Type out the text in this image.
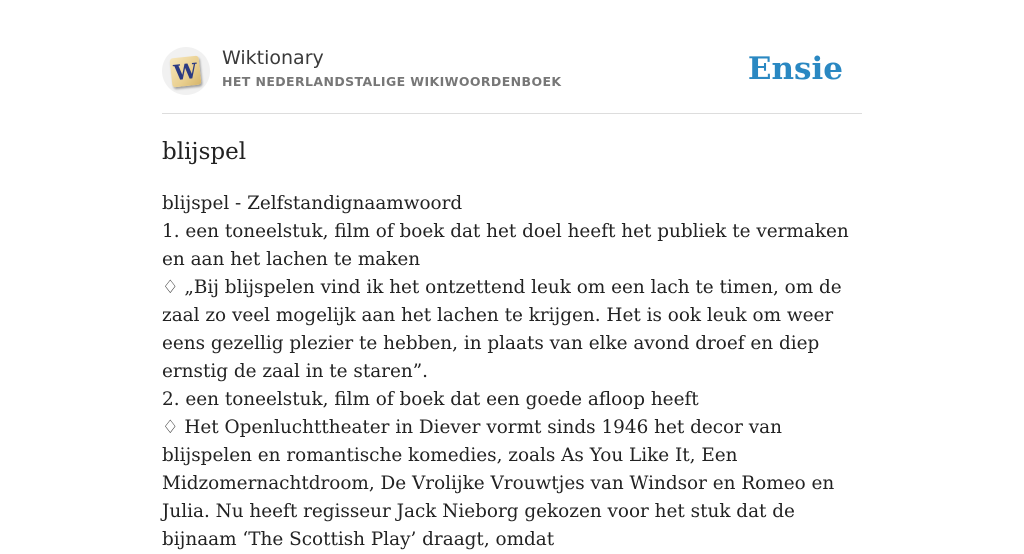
W Wiktionary
HET NEDERLANDSTALIGE WIKIWOORDENBOEK	Ensie
blijspel

blijspel - Zelfstandignaamwoord

1. een toneelstuk, film of boek dat het doel heeft het publiek te vermaken en aan het lachen te maken

♢ „Bij blijspelen vind ik het ontzettend leuk om een lach te timen, om de zaal zo veel mogelijk aan het lachen te krijgen. Het is ook leuk om weer eens gezellig plezier te hebben, in plaats van elke avond droef en diep ernstig de zaal in te staren”.

2. een toneelstuk, film of boek dat een goede afloop heeft

♢ Het Openluchttheater in Diever vormt sinds 1946 het decor van blijspelen en romantische komedies, zoals As You Like It, Een Midzomernachtdroom, De Vrolijke Vrouwtjes van Windsor en Romeo en Julia. Nu heeft regisseur Jack Nieborg gekozen voor het stuk dat de bijnaam ‘The Scottish Play’ draagt, omdat
